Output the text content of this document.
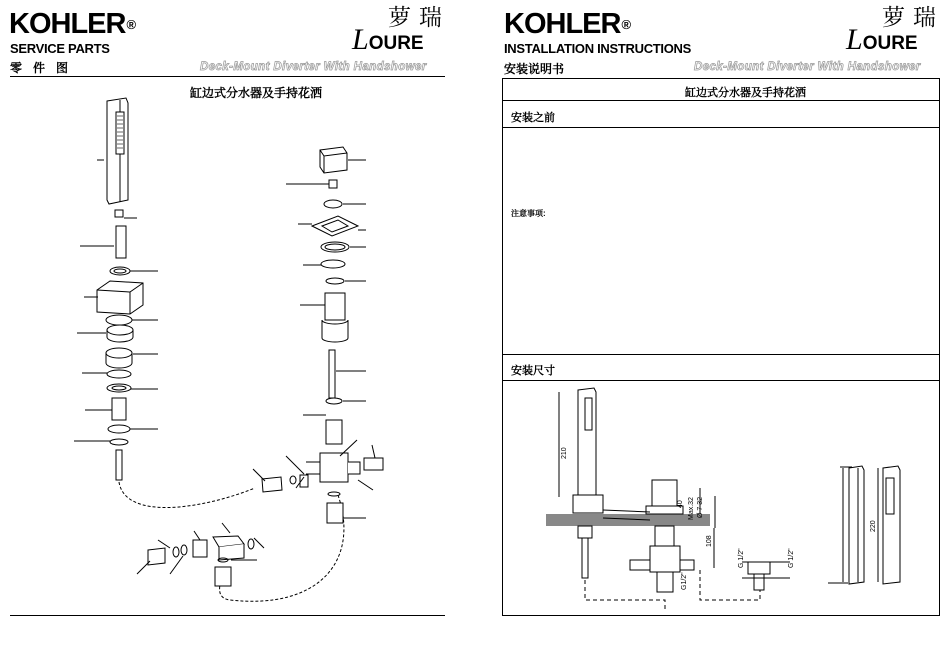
KOHLER®
SERVICE PARTS
零件图
萝瑞
LOURE
Deck-Mount Diverter With Handshower
缸边式分水器及手持花洒
KOHLER®
INSTALLATION INSTRUCTIONS
安装说明书
萝瑞
LOURE
Deck-Mount Diverter With Handshower
缸边式分水器及手持花洒
安装之前
注意事项:
安装尺寸
210
40 Max.32 Ø 7 32
108
G1/2"
G 1/2"	G 1/2"
220
